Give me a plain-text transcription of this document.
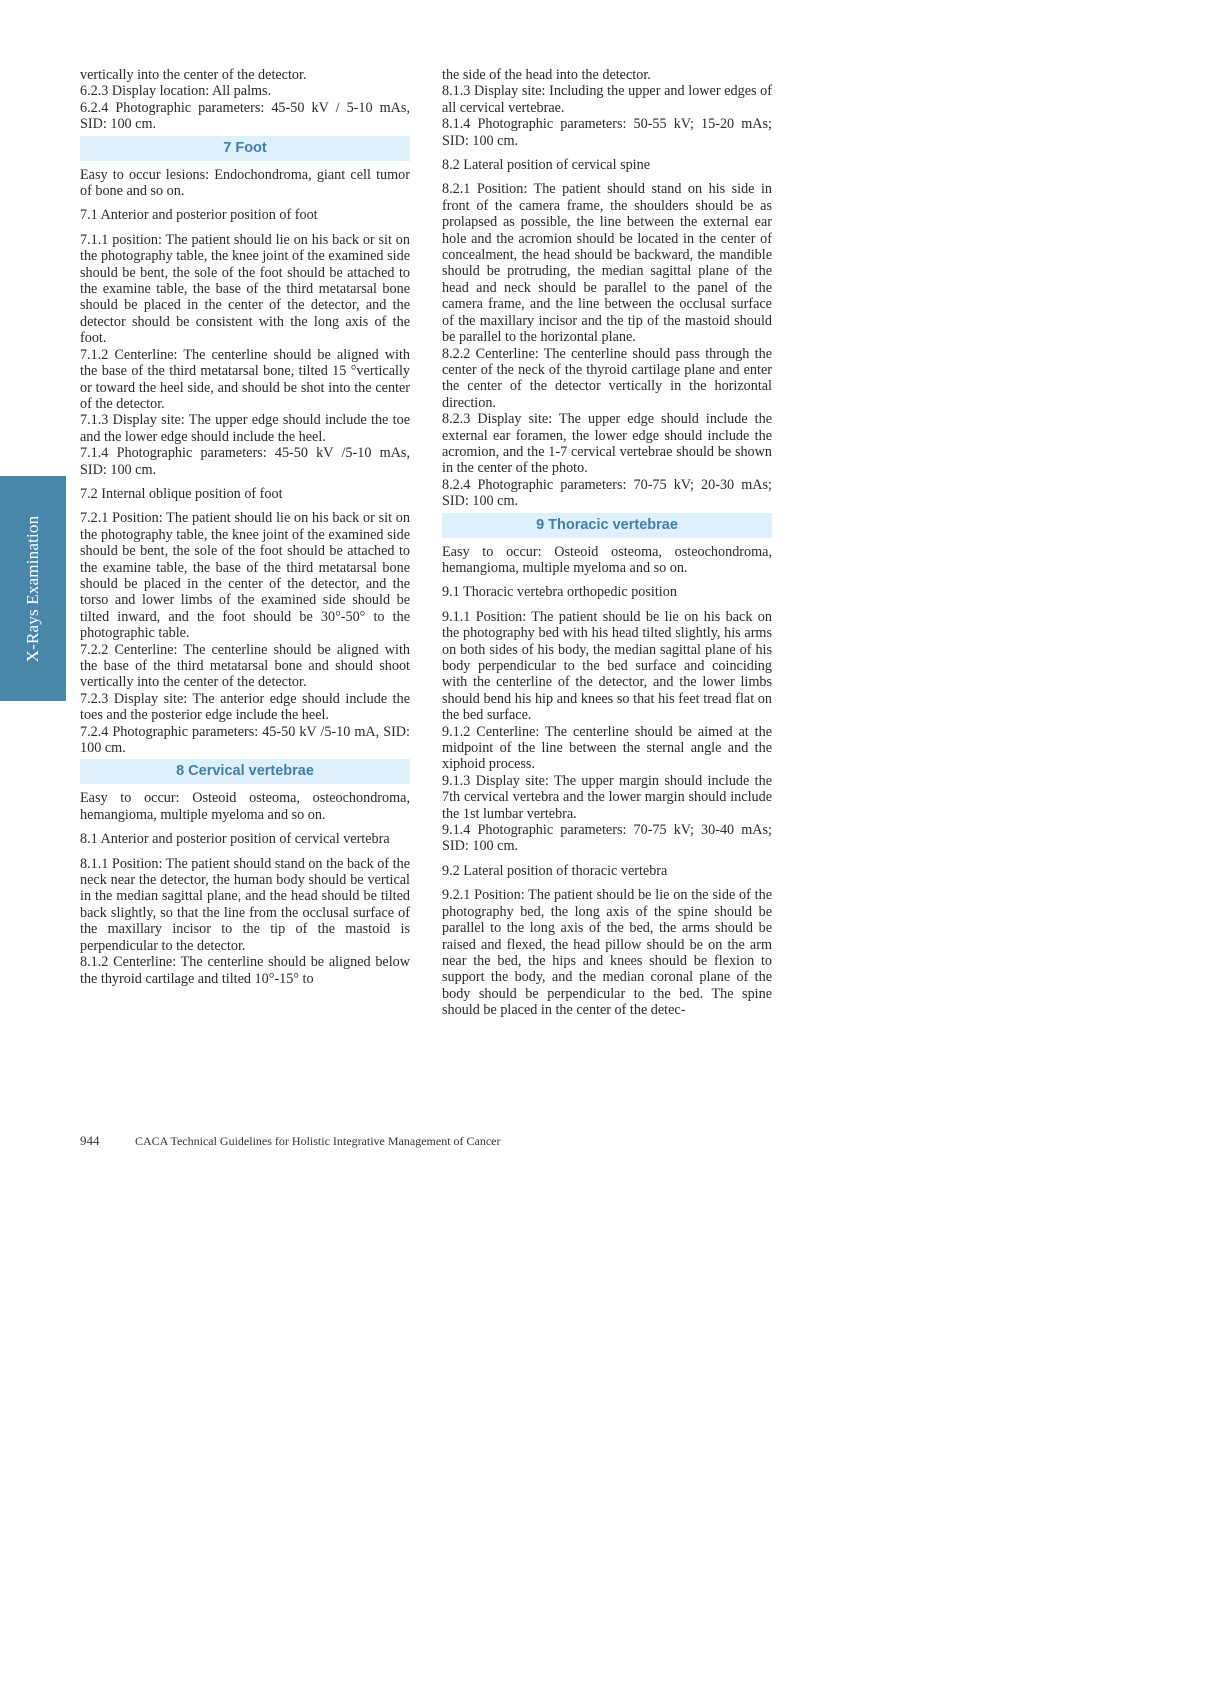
X-Rays Examination

vertically into the center of the detector.

6.2.3 Display location: All palms.

6.2.4 Photographic parameters: 45-50 kV / 5-10 mAs, SID: 100 cm.

7 Foot

Easy to occur lesions: Endochondroma, giant cell tumor of bone and so on.

7.1 Anterior and posterior position of foot

7.1.1 position: The patient should lie on his back or sit on the photography table, the knee joint of the examined side should be bent, the sole of the foot should be attached to the examine table, the base of the third metatarsal bone should be placed in the center of the detector, and the detector should be consistent with the long axis of the foot.

7.1.2 Centerline: The centerline should be aligned with the base of the third metatarsal bone, tilted 15 °vertically or toward the heel side, and should be shot into the center of the detector.

7.1.3 Display site: The upper edge should include the toe and the lower edge should include the heel.

7.1.4 Photographic parameters: 45-50 kV /5-10 mAs, SID: 100 cm.

7.2 Internal oblique position of foot

7.2.1 Position: The patient should lie on his back or sit on the photography table, the knee joint of the examined side should be bent, the sole of the foot should be attached to the examine table, the base of the third metatarsal bone should be placed in the center of the detector, and the torso and lower limbs of the examined side should be tilted inward, and the foot should be 30°-50° to the photographic table.

7.2.2 Centerline: The centerline should be aligned with the base of the third metatarsal bone and should shoot vertically into the center of the detector.

7.2.3 Display site: The anterior edge should include the toes and the posterior edge include the heel.

7.2.4 Photographic parameters: 45-50 kV /5-10 mA, SID: 100 cm.

8 Cervical vertebrae

Easy to occur: Osteoid osteoma, osteochondroma, hemangioma, multiple myeloma and so on.

8.1 Anterior and posterior position of cervical vertebra

8.1.1 Position: The patient should stand on the back of the neck near the detector, the human body should be vertical in the median sagittal plane, and the head should be tilted back slightly, so that the line from the occlusal surface of the maxillary incisor to the tip of the mastoid is perpendicular to the detector.

8.1.2 Centerline: The centerline should be aligned below the thyroid cartilage and tilted 10°-15° to

the side of the head into the detector.

8.1.3 Display site: Including the upper and lower edges of all cervical vertebrae.

8.1.4 Photographic parameters: 50-55 kV; 15-20 mAs; SID: 100 cm.

8.2 Lateral position of cervical spine

8.2.1 Position: The patient should stand on his side in front of the camera frame, the shoulders should be as prolapsed as possible, the line between the external ear hole and the acromion should be located in the center of concealment, the head should be backward, the mandible should be protruding, the median sagittal plane of the head and neck should be parallel to the panel of the camera frame, and the line between the occlusal surface of the maxillary incisor and the tip of the mastoid should be parallel to the horizontal plane.

8.2.2 Centerline: The centerline should pass through the center of the neck of the thyroid cartilage plane and enter the center of the detector vertically in the horizontal direction.

8.2.3 Display site: The upper edge should include the external ear foramen, the lower edge should include the acromion, and the 1-7 cervical vertebrae should be shown in the center of the photo.

8.2.4 Photographic parameters: 70-75 kV; 20-30 mAs; SID: 100 cm.

9 Thoracic vertebrae

Easy to occur: Osteoid osteoma, osteochondroma, hemangioma, multiple myeloma and so on.

9.1 Thoracic vertebra orthopedic position

9.1.1 Position: The patient should be lie on his back on the photography bed with his head tilted slightly, his arms on both sides of his body, the median sagittal plane of his body perpendicular to the bed surface and coinciding with the centerline of the detector, and the lower limbs should bend his hip and knees so that his feet tread flat on the bed surface.

9.1.2 Centerline: The centerline should be aimed at the midpoint of the line between the sternal angle and the xiphoid process.

9.1.3 Display site: The upper margin should include the 7th cervical vertebra and the lower margin should include the 1st lumbar vertebra.

9.1.4 Photographic parameters: 70-75 kV; 30-40 mAs; SID: 100 cm.

9.2 Lateral position of thoracic vertebra

9.2.1 Position: The patient should be lie on the side of the photography bed, the long axis of the spine should be parallel to the long axis of the bed, the arms should be raised and flexed, the head pillow should be on the arm near the bed, the hips and knees should be flexion to support the body, and the median coronal plane of the body should be perpendicular to the bed. The spine should be placed in the center of the detec-

944	CACA Technical Guidelines for Holistic Integrative Management of Cancer
